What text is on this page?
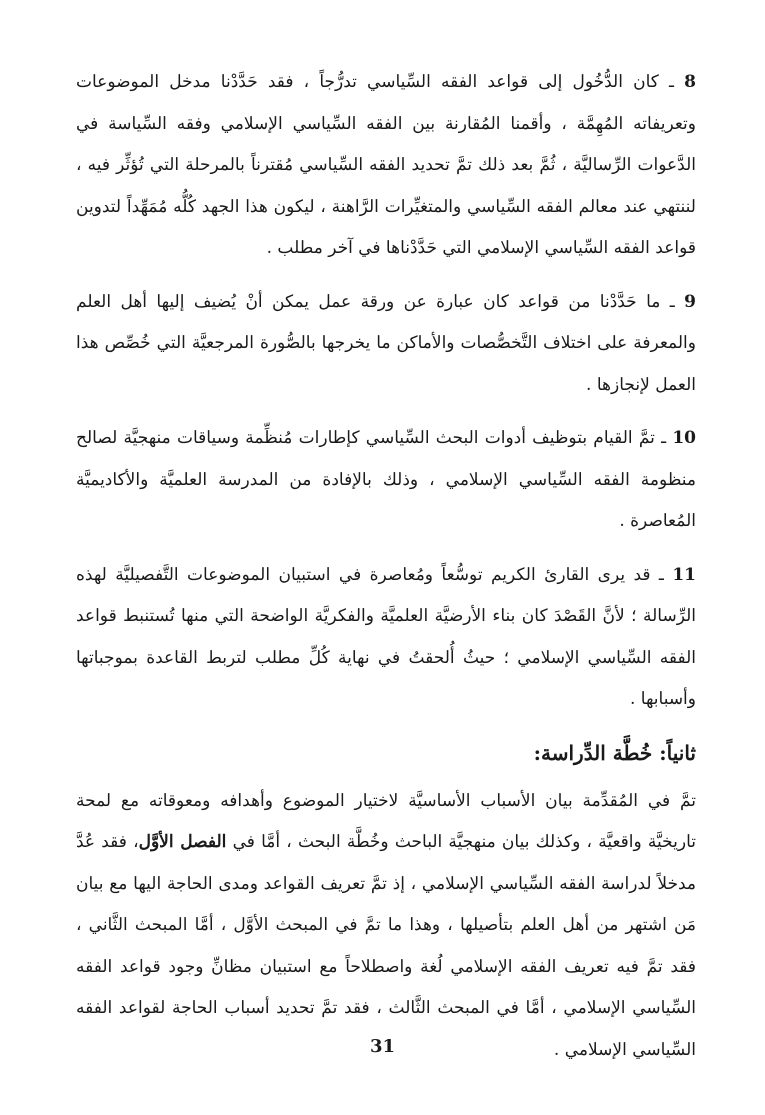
8 ـ كان الدُّخُول إلى قواعد الفقه السِّياسي تدرُّجاً ، فقد حَدَّدْنا مدخل الموضوعات وتعريفاته المُهِمَّة ، وأقمنا المُقارنة بين الفقه السِّياسي الإسلامي وفقه السِّياسة في الدَّعوات الرِّساليَّة ، ثُمَّ بعد ذلك تمَّ تحديد الفقه السِّياسي مُقترناً بالمرحلة التي تُؤثِّر فيه ، لننتهي عند معالم الفقه السِّياسي والمتغيِّرات الرَّاهنة ، ليكون هذا الجهد كُلُّه مُمَهِّداً لتدوين قواعد الفقه السِّياسي الإسلامي التي حَدَّدْناها في آخر مطلب .

9 ـ ما حَدَّدْنا من قواعد كان عبارة عن ورقة عمل يمكن أنْ يُضيف إليها أهل العلم والمعرفة على اختلاف التَّخصُّصات والأماكن ما يخرجها بالصُّورة المرجعيَّة التي خُصِّص هذا العمل لإنجازها .

10 ـ تمَّ القيام بتوظيف أدوات البحث السِّياسي كإطارات مُنظِّمة وسياقات منهجيَّة لصالح منظومة الفقه السِّياسي الإسلامي ، وذلك بالإفادة من المدرسة العلميَّة والأكاديميَّة المُعاصرة .

11 ـ قد يرى القارئ الكريم توسُّعاً ومُعاصرة في استبيان الموضوعات التَّفصيليَّة لهذه الرِّسالة ؛ لأنَّ القَصْدَ كان بناء الأرضيَّة العلميَّة والفكريَّة الواضحة التي منها تُستنبط قواعد الفقه السِّياسي الإسلامي ؛ حيثُ أُلحقتُ في نهاية كُلِّ مطلب لتربط القاعدة بموجباتها وأسبابها .

ثانياً: خُطَّة الدِّراسة:

تمَّ في المُقدِّمة بيان الأسباب الأساسيَّة لاختيار الموضوع وأهدافه ومعوقاته مع لمحة تاريخيَّة واقعيَّة ، وكذلك بيان منهجيَّة الباحث وخُطَّة البحث ، أمَّا في الفصل الأوَّل، فقد عُدَّ مدخلاً لدراسة الفقه السِّياسي الإسلامي ، إذ تمَّ تعريف القواعد ومدى الحاجة اليها مع بيان مَن اشتهر من أهل العلم بتأصيلها ، وهذا ما تمَّ في المبحث الأوَّل ، أمَّا المبحث الثَّاني ، فقد تمَّ فيه تعريف الفقه الإسلامي لُغة واصطلاحاً مع استبيان مظانِّ وجود قواعد الفقه السِّياسي الإسلامي ، أمَّا في المبحث الثَّالث ، فقد تمَّ تحديد أسباب الحاجة لقواعد الفقه السِّياسي الإسلامي .

31
